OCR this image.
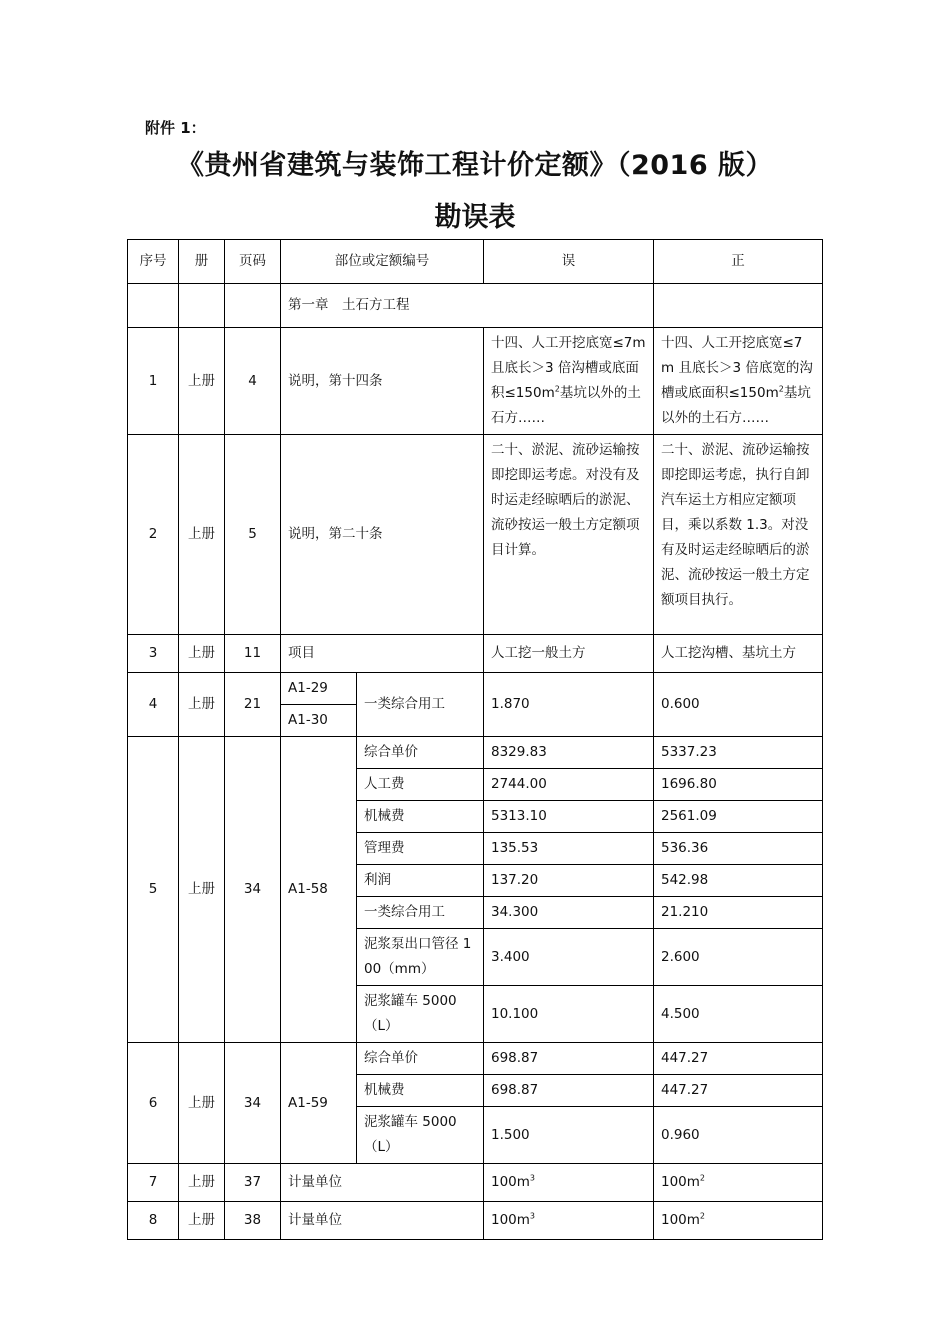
附件 1：
《贵州省建筑与装饰工程计价定额》（2016 版）
勘误表
序号	册	页码	部位或定额编号		误	正
			第一章　土石方工程			
1	上册	4	说明，第十四条		十四、人工开挖底宽≤7m 且底长＞3 倍沟槽或底面积$\le 150m^2$基坑以外的土石方……	十四、人工开挖底宽≤7m 且底长＞3 倍底宽的沟槽或底面积$\le 150m^2$基坑以外的土石方……
2	上册	5	说明，第二十条		二十、淤泥、流砂运输按即挖即运考虑。对没有及时运走经晾晒后的淤泥、流砂按运一般土方定额项目计算。	二十、淤泥、流砂运输按即挖即运考虑，执行自卸汽车运土方相应定额项目，乘以系数 1.3。对没有及时运走经晾晒后的淤泥、流砂按运一般土方定额项目执行。
3	上册	11	项目		人工挖一般土方	人工挖沟槽、基坑土方
4	上册	21	A1-29	一类综合用工	1.870	0.600
			A1-30			
5	上册	34	A1-58	综合单价	8329.83	5337.23
				人工费	2744.00	1696.80
				机械费	5313.10	2561.09
				管理费	135.53	536.36
				利润	137.20	542.98
				一类综合用工	34.300	21.210
				泥浆泵出口管径 100（mm）	3.400	2.600
				泥浆罐车 5000（L）	10.100	4.500
6	上册	34	A1-59	综合单价	698.87	447.27
				机械费	698.87	447.27
				泥浆罐车 5000（L）	1.500	0.960
7	上册	37	计量单位		$100m^3$	$100m^2$
8	上册	38	计量单位		$100m^3$	$100m^2$
